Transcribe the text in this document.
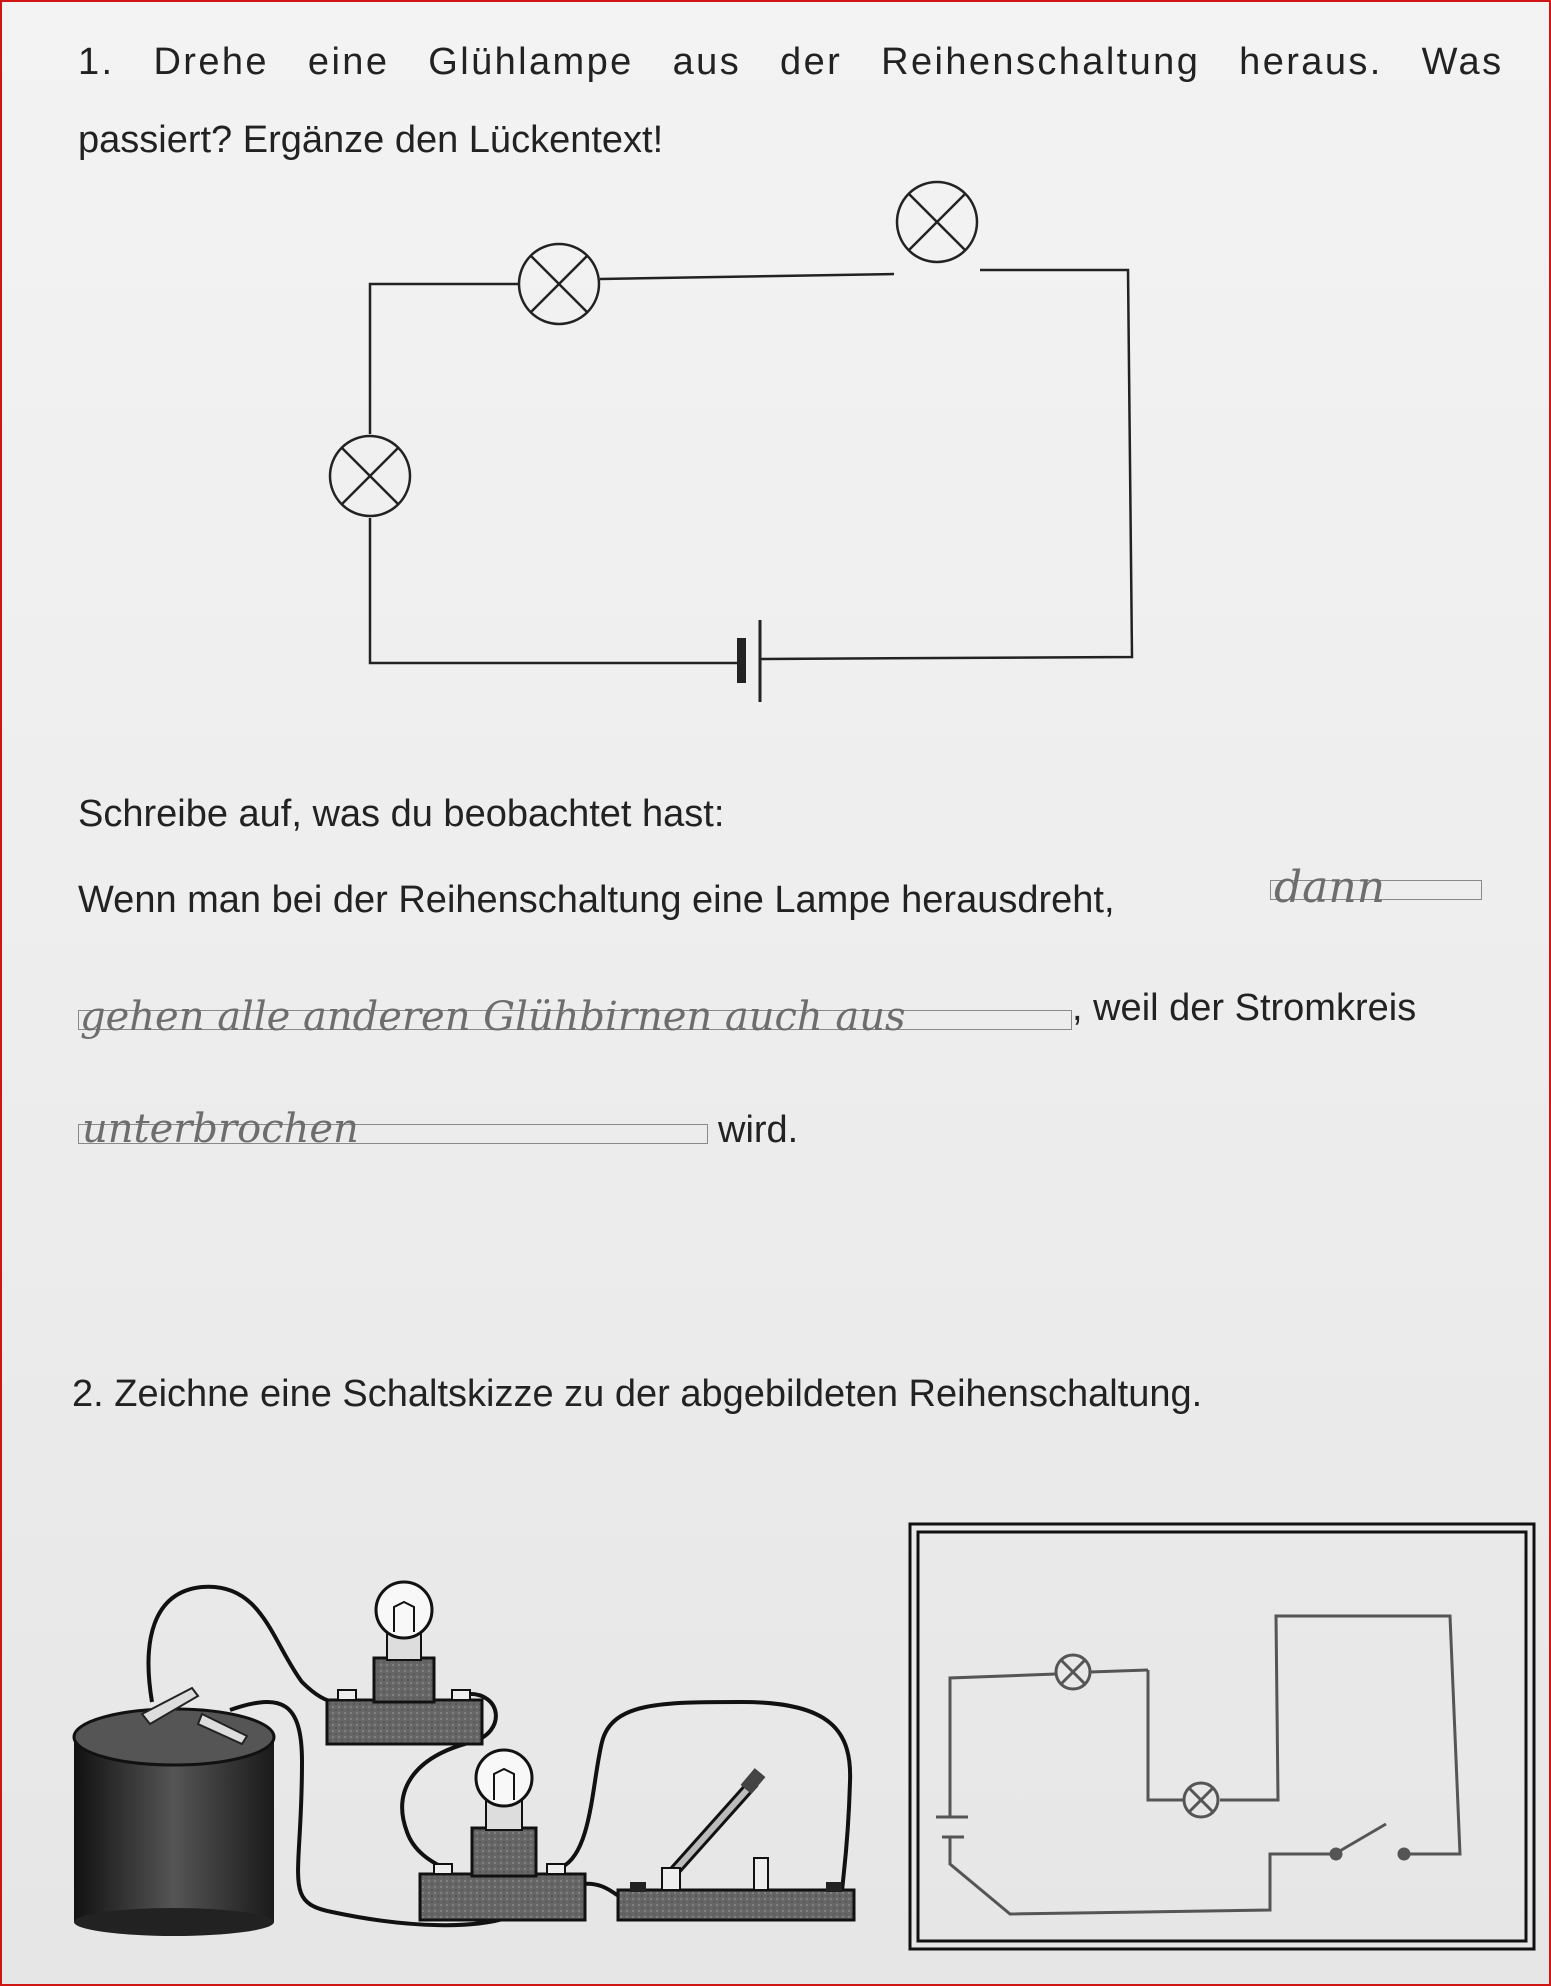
1. Drehe eine Glühlampe aus der Reihenschaltung heraus. Was
passiert? Ergänze den Lückentext!
Schreibe auf, was du beobachtet hast:
Wenn man bei der Reihenschaltung eine Lampe herausdreht,	dann
gehen alle anderen Glühbirnen auch aus	, weil der Stromkreis
unterbrochen	wird.
2. Zeichne eine Schaltskizze zu der abgebildeten Reihenschaltung.
